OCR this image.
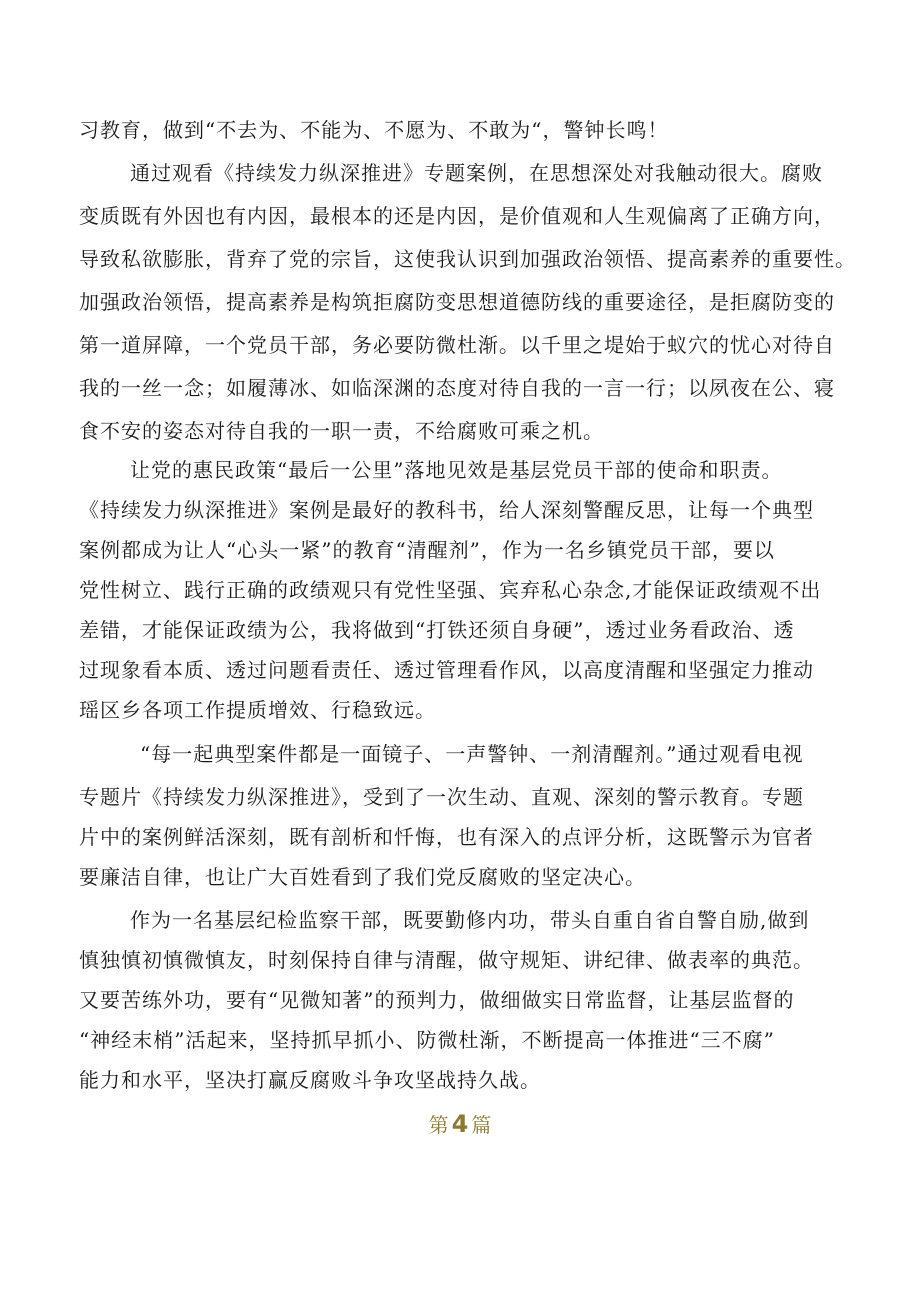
习教育，做到“不去为、不能为、不愿为、不敢为“，警钟长鸣！
通过观看《持续发力纵深推进》专题案例，在思想深处对我触动很大。腐败
变质既有外因也有内因，最根本的还是内因，是价值观和人生观偏离了正确方向，
导致私欲膨胀，背弃了党的宗旨，这使我认识到加强政治领悟、提高素养的重要性。
加强政治领悟，提高素养是构筑拒腐防变思想道德防线的重要途径，是拒腐防变的
第一道屏障，一个党员干部，务必要防微杜渐。以千里之堤始于蚁穴的忧心对待自
我的一丝一念；如履薄冰、如临深渊的态度对待自我的一言一行；以夙夜在公、寝
食不安的姿态对待自我的一职一责，不给腐败可乘之机。
让党的惠民政策“最后一公里”落地见效是基层党员干部的使命和职责。
《持续发力纵深推进》案例是最好的教科书，给人深刻警醒反思，让每一个典型
案例都成为让人“心头一紧”的教育“清醒剂”，作为一名乡镇党员干部，要以
党性树立、践行正确的政绩观只有党性坚强、宾弃私心杂念,才能保证政绩观不出
差错，才能保证政绩为公，我将做到“打铁还须自身硬”，透过业务看政治、透
过现象看本质、透过问题看责任、透过管理看作风，以高度清醒和坚强定力推动
瑶区乡各项工作提质增效、行稳致远。
“每一起典型案件都是一面镜子、一声警钟、一剂清醒剂。”通过观看电视
专题片《持续发力纵深推进》，受到了一次生动、直观、深刻的警示教育。专题
片中的案例鲜活深刻，既有剖析和忏悔，也有深入的点评分析，这既警示为官者
要廉洁自律，也让广大百姓看到了我们党反腐败的坚定决心。
作为一名基层纪检监察干部，既要勤修内功，带头自重自省自警自励,做到
慎独慎初慎微慎友，时刻保持自律与清醒，做守规矩、讲纪律、做表率的典范。
又要苦练外功，要有“见微知著”的预判力，做细做实日常监督，让基层监督的
“神经末梢”活起来，坚持抓早抓小、防微杜渐，不断提高一体推进“三不腐”
能力和水平，坚决打赢反腐败斗争攻坚战持久战。
第 4 篇
